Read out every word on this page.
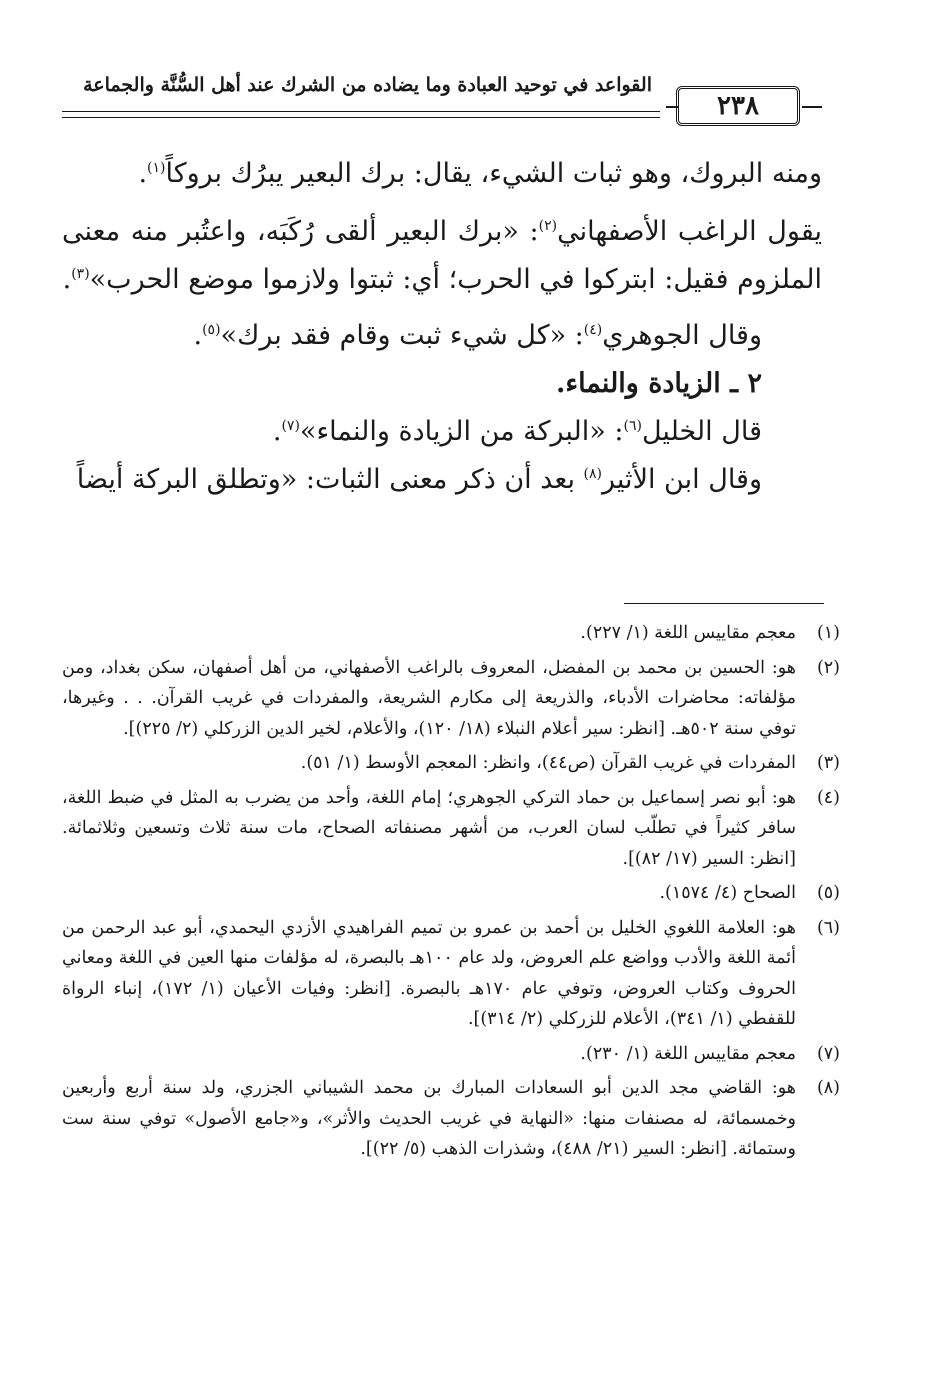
القواعد في توحيد العبادة وما يضاده من الشرك عند أهل السُّنَّة والجماعة
٢٣٨

ومنه البروك، وهو ثبات الشيء، يقال: برك البعير يبرُك بروكاً$^{(١)}$.

يقول الراغب الأصفهاني$^{(٢)}$: «برك البعير ألقى رُكَبَه، واعتُبر منه معنى الملزوم فقيل: ابتركوا في الحرب؛ أي: ثبتوا ولازموا موضع الحرب»$^{(٣)}$.

وقال الجوهري$^{(٤)}$: «كل شيء ثبت وقام فقد برك»$^{(٥)}$.

٢ ـ الزيادة والنماء.

قال الخليل$^{(٦)}$: «البركة من الزيادة والنماء»$^{(٧)}$.

وقال ابن الأثير$^{(٨)}$ بعد أن ذكر معنى الثبات: «وتطلق البركة أيضاً

(١)
معجم مقاييس اللغة (١/ ٢٢٧).
(٢)
هو: الحسين بن محمد بن المفضل، المعروف بالراغب الأصفهاني، من أهل أصفهان، سكن بغداد، ومن مؤلفاته: محاضرات الأدباء، والذريعة إلى مكارم الشريعة، والمفردات في غريب القرآن. . . وغيرها، توفي سنة ٥٠٢هـ. [انظر: سير أعلام النبلاء (١٨/ ١٢٠)، والأعلام، لخير الدين الزركلي (٢/ ٢٢٥)].
(٣)
المفردات في غريب القرآن (ص٤٤)، وانظر: المعجم الأوسط (١/ ٥١).
(٤)
هو: أبو نصر إسماعيل بن حماد التركي الجوهري؛ إمام اللغة، وأحد من يضرب به المثل في ضبط اللغة، سافر كثيراً في تطلّب لسان العرب، من أشهر مصنفاته الصحاح، مات سنة ثلاث وتسعين وثلاثمائة. [انظر: السير (١٧/ ٨٢)].
(٥)
الصحاح (٤/ ١٥٧٤).
(٦)
هو: العلامة اللغوي الخليل بن أحمد بن عمرو بن تميم الفراهيدي الأزدي اليحمدي، أبو عبد الرحمن من أئمة اللغة والأدب وواضع علم العروض، ولد عام ١٠٠هـ بالبصرة، له مؤلفات منها العين في اللغة ومعاني الحروف وكتاب العروض، وتوفي عام ١٧٠هـ بالبصرة. [انظر: وفيات الأعيان (١/ ١٧٢)، إنباء الرواة للقفطي (١/ ٣٤١)، الأعلام للزركلي (٢/ ٣١٤)].
(٧)
معجم مقاييس اللغة (١/ ٢٣٠).
(٨)
هو: القاضي مجد الدين أبو السعادات المبارك بن محمد الشيباني الجزري، ولد سنة أربع وأربعين وخمسمائة، له مصنفات منها: «النهاية في غريب الحديث والأثر»، و«جامع الأصول» توفي سنة ست وستمائة. [انظر: السير (٢١/ ٤٨٨)، وشذرات الذهب (٥/ ٢٢)].
